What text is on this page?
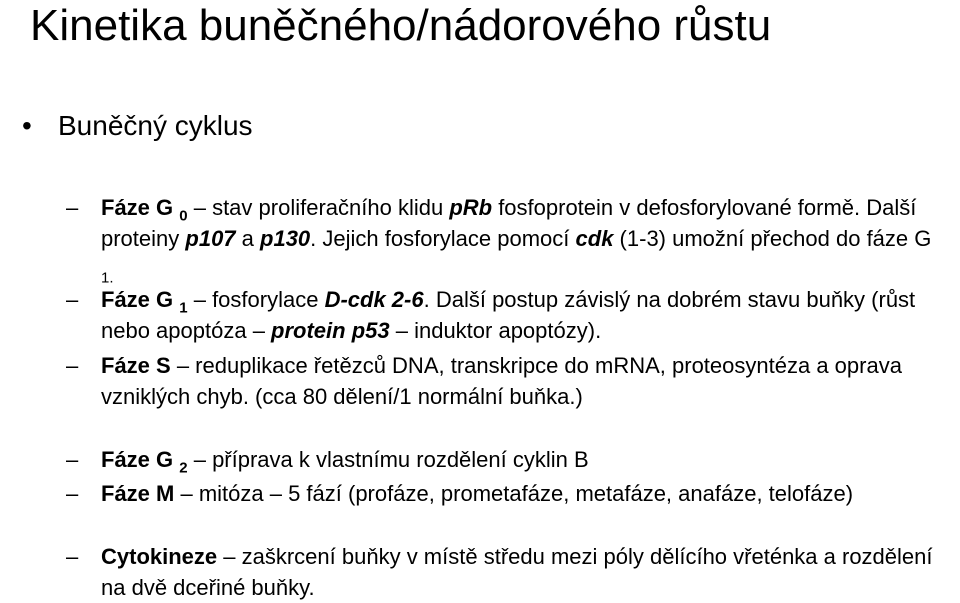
Kinetika buněčného/nádorového růstu
• Buněčný cyklus
–	Fáze G $_0$ – stav proliferačního klidu pRb fosfoprotein v defosforylované formě. Další proteiny p107 a p130. Jejich fosforylace pomocí cdk (1-3) umožní přechod do fáze G $_{1.}$
–	Fáze G $_1$ – fosforylace D-cdk 2-6. Další postup závislý na dobrém stavu buňky (růst nebo apoptóza – protein p53 – induktor apoptózy).
–	Fáze S – reduplikace řetězců DNA, transkripce do mRNA, proteosyntéza a oprava vzniklých chyb. (cca 80 dělení/1 normální buňka.)
–	Fáze G $_2$ – příprava k vlastnímu rozdělení cyklin B
–	Fáze M – mitóza – 5 fází (profáze, prometafáze, metafáze, anafáze, telofáze)
–	Cytokineze – zaškrcení buňky v místě středu mezi póly dělícího vřeténka a rozdělení na dvě dceřiné buňky.
